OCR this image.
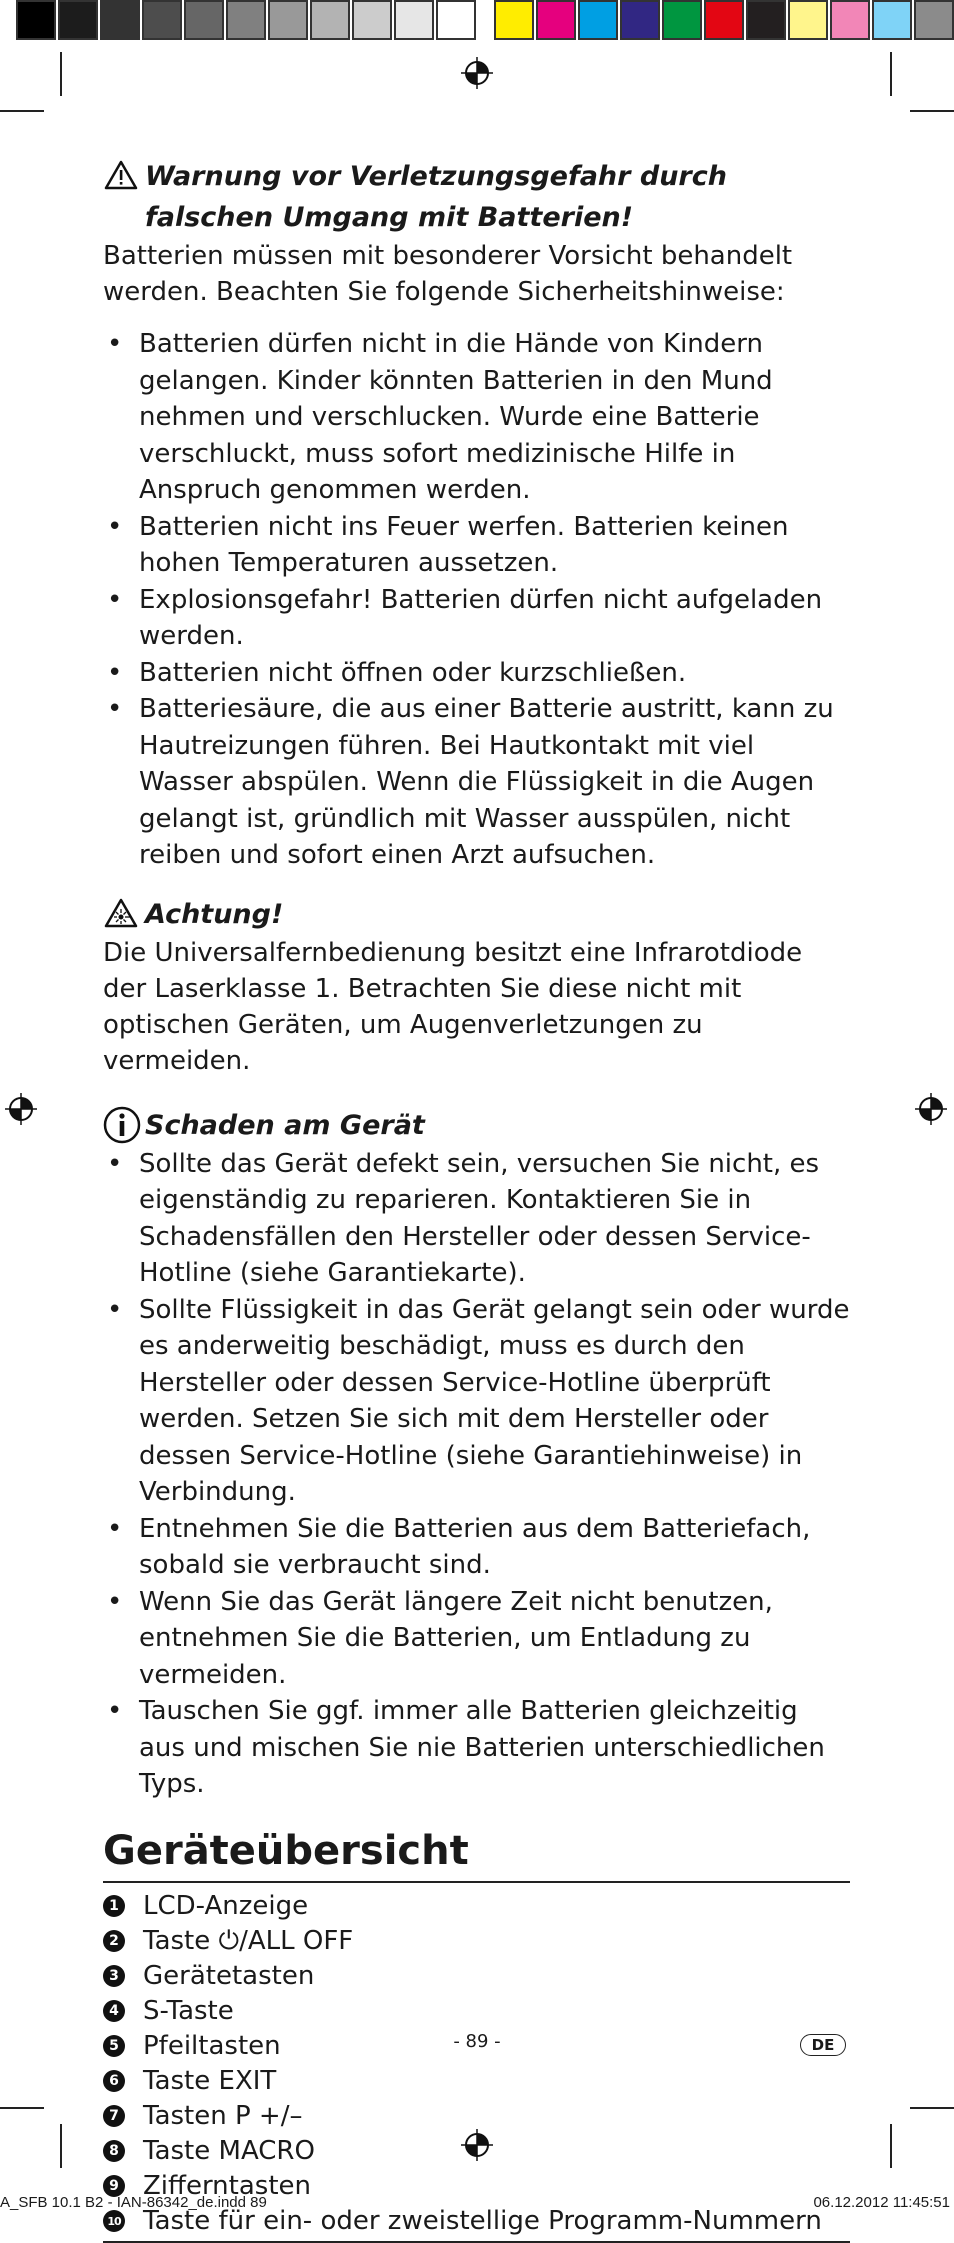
Warnung vor Verletzungsgefahr durch falschen Umgang mit Batterien!

Batterien müssen mit besonderer Vorsicht behandelt werden. Beachten Sie folgende Sicherheitshinweise:

• Batterien dürfen nicht in die Hände von Kindern gelangen. Kinder könnten Batterien in den Mund nehmen und verschlucken. Wurde eine Batterie verschluckt, muss sofort medizinische Hilfe in Anspruch genommen werden.
• Batterien nicht ins Feuer werfen. Batterien keinen hohen Temperaturen aussetzen.
• Explosionsgefahr! Batterien dürfen nicht aufgeladen werden.
• Batterien nicht öffnen oder kurzschließen.
• Batteriesäure, die aus einer Batterie austritt, kann zu Hautreizungen führen. Bei Hautkontakt mit viel Wasser abspülen. Wenn die Flüssigkeit in die Augen gelangt ist, gründlich mit Wasser ausspülen, nicht reiben und sofort einen Arzt aufsuchen.
Achtung!

Die Universalfernbedienung besitzt eine Infrarotdiode der Laserklasse 1. Betrachten Sie diese nicht mit optischen Geräten, um Augenverletzungen zu vermeiden.

Schaden am Gerät
• Sollte das Gerät defekt sein, versuchen Sie nicht, es eigenständig zu reparieren. Kontaktieren Sie in Schadensfällen den Hersteller oder dessen Service-Hotline (siehe Garantiekarte).
• Sollte Flüssigkeit in das Gerät gelangt sein oder wurde es anderweitig beschädigt, muss es durch den Hersteller oder dessen Service-Hotline überprüft werden. Setzen Sie sich mit dem Hersteller oder dessen Service-Hotline (siehe Garantiehinweise) in Verbindung.
• Entnehmen Sie die Batterien aus dem Batteriefach, sobald sie verbraucht sind.
• Wenn Sie das Gerät längere Zeit nicht benutzen, entnehmen Sie die Batterien, um Entladung zu vermeiden.
• Tauschen Sie ggf. immer alle Batterien gleichzeitig aus und mischen Sie nie Batterien unterschiedlichen Typs.
Geräteübersicht
1 LCD-Anzeige
2 Taste ⏻/ALL OFF
3 Gerätetasten
4 S-Taste
5 Pfeiltasten
6 Taste EXIT
7 Tasten P +/–
8 Taste MACRO
9 Zifferntasten
10 Taste für ein- oder zweistellige Programm-Nummern
- 89 -	DE
A_SFB 10.1 B2 - IAN-86342_de.indd 89	06.12.2012 11:45:51
